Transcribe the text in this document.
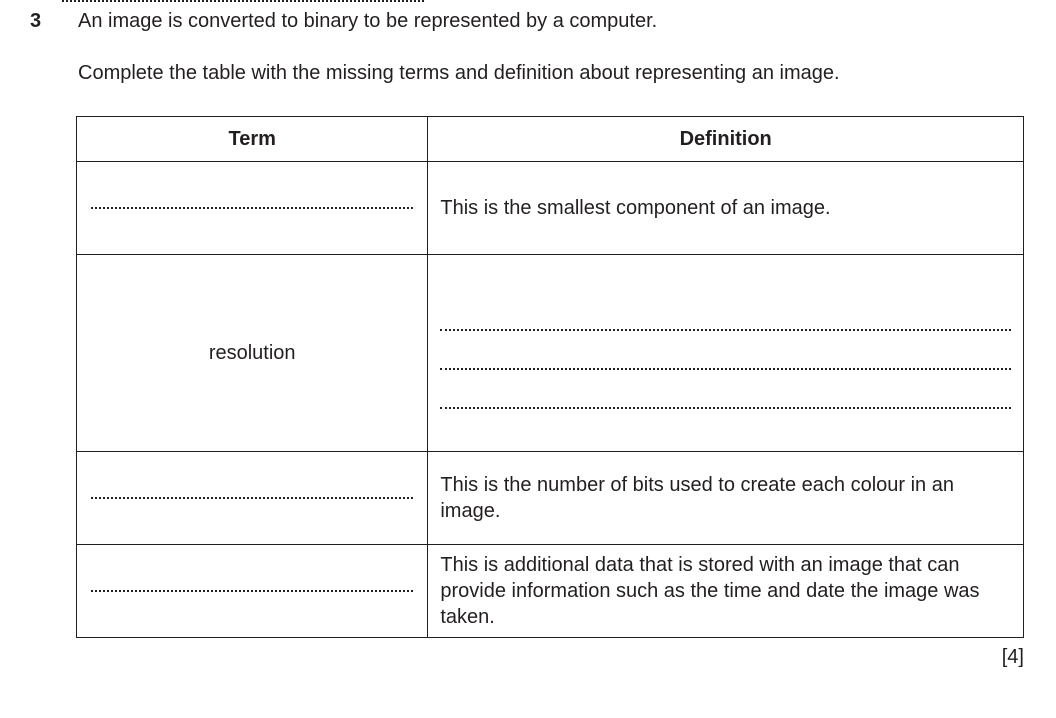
3 An image is converted to binary to be represented by a computer.
Complete the table with the missing terms and definition about representing an image.
Term	Definition

	This is the smallest component of an image.
resolution	

	This is the number of bits used to create each colour in an image.

	This is additional data that is stored with an image that can provide information such as the time and date the image was taken.
[4]
